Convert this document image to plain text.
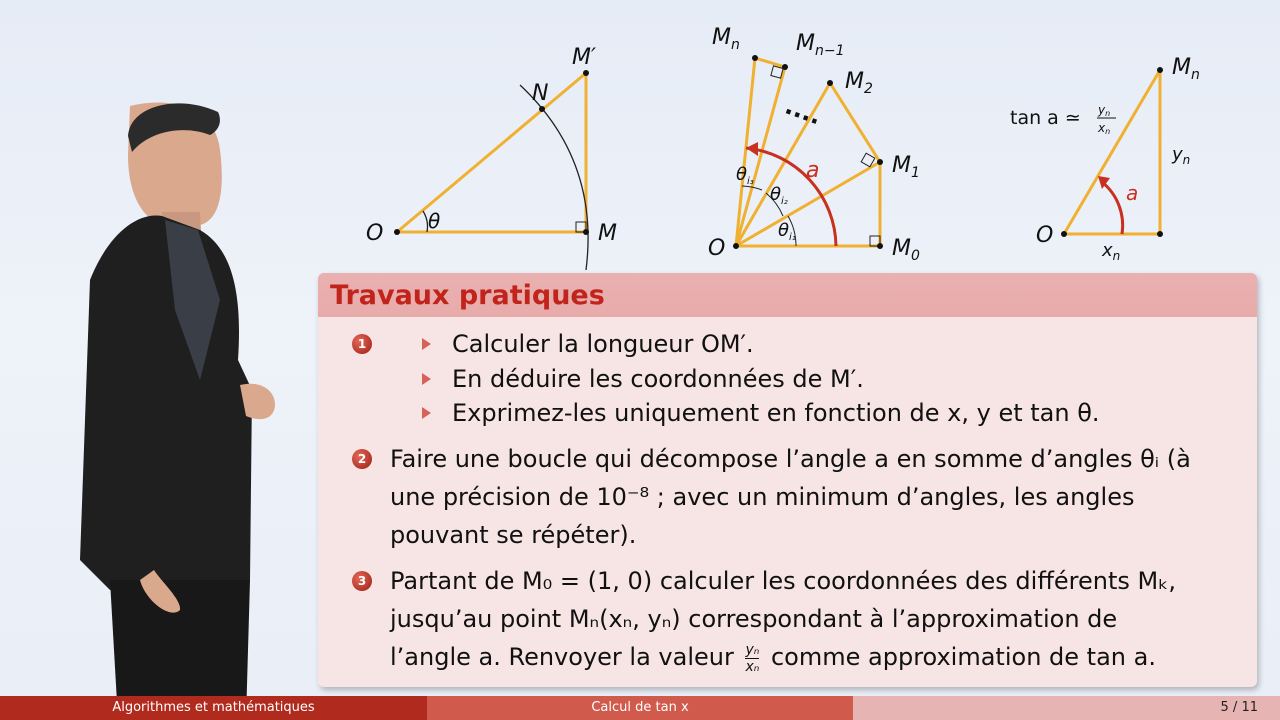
O	M
M′
N
θ
....
O	$M_0$
$M_1$
$M_2$
$M_n$	$M_{n-1}$
a
$\theta_{i_1}$
$\theta_{i_2}$
$\theta_{i_3}$
tan a ≃ yn
xn
O
$M_n$
$x_n$
$y_n$
a
Travaux pratiques
1	Calculer la longueur OM′.
En déduire les coordonnées de M′.
Exprimez-les uniquement en fonction de x, y et tan θ.
2 Faire une boucle qui décompose l’angle a en somme d’angles θᵢ (à
une précision de 10⁻⁸ ; avec un minimum d’angles, les angles
pouvant se répéter).
3 Partant de M₀ = (1, 0) calculer les coordonnées des différents Mₖ,
jusqu’au point Mₙ(xₙ, yₙ) correspondant à l’approximation de
l’angle a. Renvoyer la valeur $\frac{\text{yₙ}}{\text{xₙ}}$ comme approximation de tan a.
Algorithmes et mathématiques	Calcul de tan x	5 / 11
